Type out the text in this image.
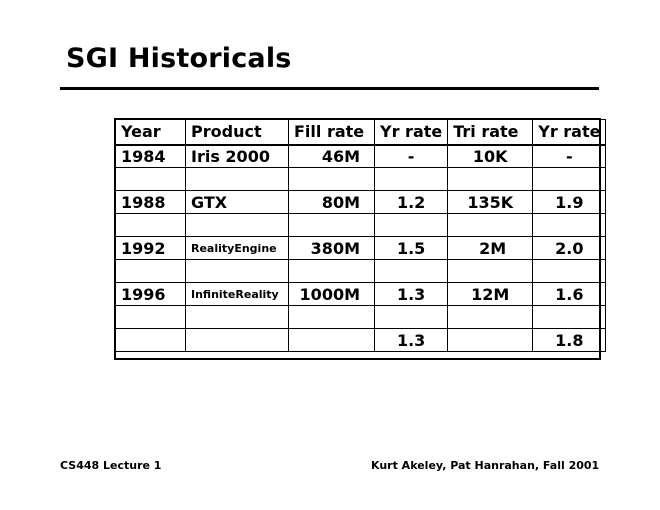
SGI Historicals
Year	Product	Fill rate	Yr rate	Tri rate	Yr rate
1984	Iris 2000	46M	-	10K	-

1988	GTX	80M	1.2	135K	1.9

1992	RealityEngine	380M	1.5	2M	2.0

1996	InfiniteReality	1000M	1.3	12M	1.6

			1.3		1.8
CS448 Lecture 1	Kurt Akeley, Pat Hanrahan, Fall 2001
